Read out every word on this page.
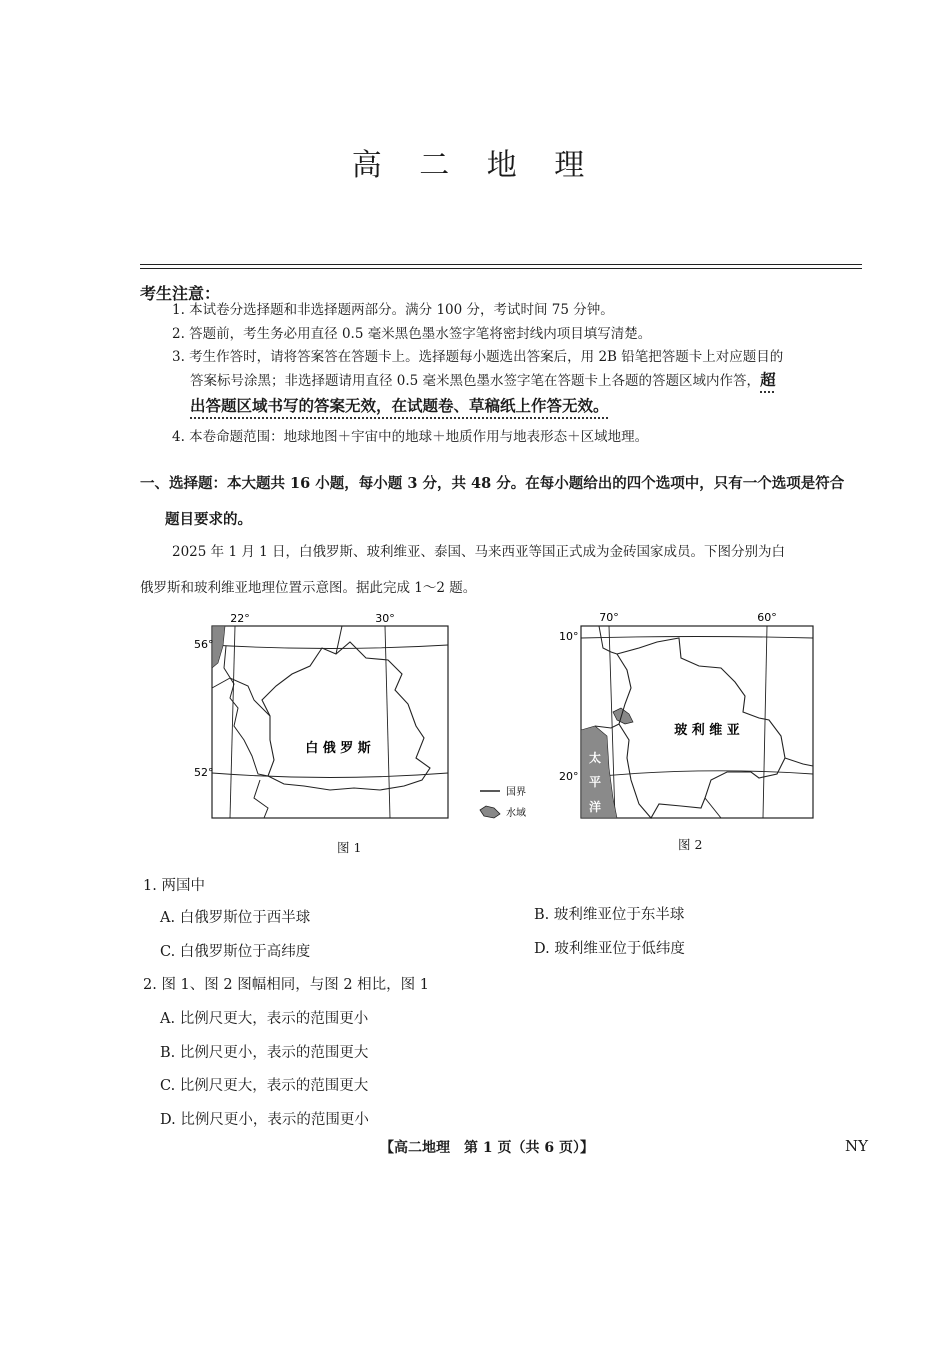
高 二 地 理
考生注意：
1. 本试卷分选择题和非选择题两部分。满分 100 分，考试时间 75 分钟。
2. 答题前，考生务必用直径 0.5 毫米黑色墨水签字笔将密封线内项目填写清楚。
3. 考生作答时，请将答案答在答题卡上。选择题每小题选出答案后，用 2B 铅笔把答题卡上对应题目的
答案标号涂黑；非选择题请用直径 0.5 毫米黑色墨水签字笔在答题卡上各题的答题区域内作答，超
出答题区域书写的答案无效，在试题卷、草稿纸上作答无效。
4. 本卷命题范围：地球地图＋宇宙中的地球＋地质作用与地表形态＋区域地理。
一、选择题：本大题共 16 小题，每小题 3 分，共 48 分。在每小题给出的四个选项中，只有一个选项是符合
题目要求的。
2025 年 1 月 1 日，白俄罗斯、玻利维亚、泰国、马来西亚等国正式成为金砖国家成员。下图分别为白
俄罗斯和玻利维亚地理位置示意图。据此完成 1～2 题。
22°	30°
56°
52°
白 俄 罗 斯
国界
水域
70°	60°
10°
20°
玻 利 维 亚
太
平
洋
图 1	图 2
1. 两国中
A. 白俄罗斯位于西半球	B. 玻利维亚位于东半球
C. 白俄罗斯位于高纬度	D. 玻利维亚位于低纬度
2. 图 1、图 2 图幅相同，与图 2 相比，图 1
A. 比例尺更大，表示的范围更小
B. 比例尺更小，表示的范围更大
C. 比例尺更大，表示的范围更大
D. 比例尺更小，表示的范围更小
【高二地理　第 1 页（共 6 页）】	NY
